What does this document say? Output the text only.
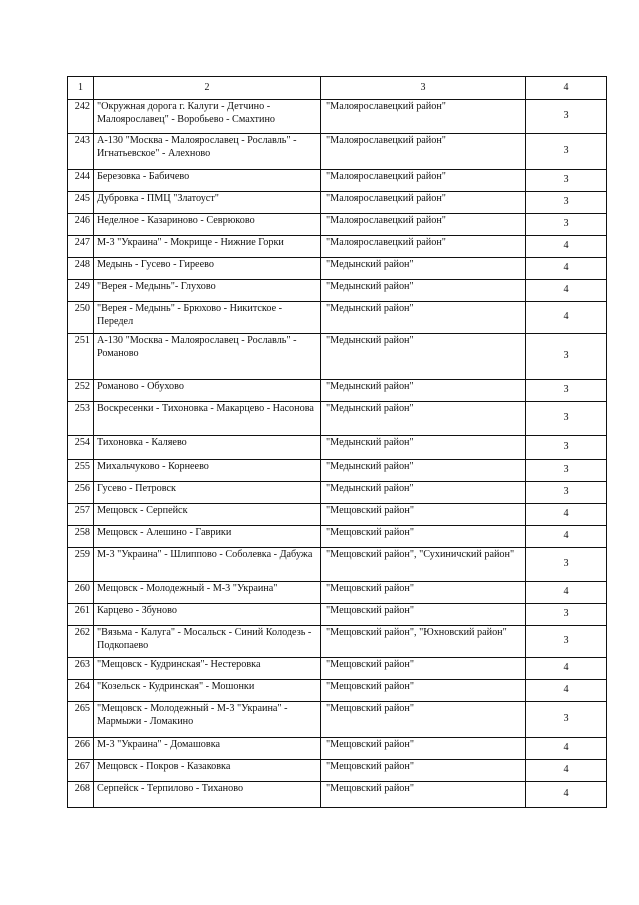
1	2	3	4
242	"Окружная дорога г. Калуги - Детчино - Малоярославец" - Воробьево - Смахтино	"Малоярославецкий район"	3
243	А-130 "Москва - Малоярославец - Рославль" - Игнатьевское" - Алехново	"Малоярославецкий район"	3
244	Березовка - Бабичево	"Малоярославецкий район"	3
245	Дубровка - ПМЦ "Златоуст"	"Малоярославецкий район"	3
246	Неделное - Казариново - Севрюково	"Малоярославецкий район"	3
247	М-3 "Украина" - Мокрище - Нижние Горки	"Малоярославецкий район"	4
248	Медынь - Гусево - Гиреево	"Медынский район"	4
249	"Верея - Медынь"- Глухово	"Медынский район"	4
250	"Верея - Медынь" - Брюхово - Никитское - Передел	"Медынский район"	4
251	А-130 "Москва - Малоярославец - Рославль" - Романово	"Медынский район"	3
252	Романово - Обухово	"Медынский район"	3
253	Воскресенки - Тихоновка - Макарцево - Насонова	"Медынский район"	3
254	Тихоновка - Каляево	"Медынский район"	3
255	Михальчуково - Корнеево	"Медынский район"	3
256	Гусево - Петровск	"Медынский район"	3
257	Мещовск - Серпейск	"Мещовский район"	4
258	Мещовск - Алешино - Гаврики	"Мещовский район"	4
259	М-3 "Украина" - Шлиппово - Соболевка - Дабужа	"Мещовский район", "Сухиничский район"	3
260	Мещовск - Молодежный - М-3 "Украина"	"Мещовский район"	4
261	Карцево - Збуново	"Мещовский район"	3
262	"Вязьма - Калуга" - Мосальск - Синий Колодезь - Подкопаево	"Мещовский район", "Юхновский район"	3
263	"Мещовск - Кудринская"- Нестеровка	"Мещовский район"	4
264	"Козельск - Кудринская" - Мошонки	"Мещовский район"	4
265	"Мещовск - Молодежный - М-3 "Украина" - Мармыжи - Ломакино	"Мещовский район"	3
266	М-3 "Украина" - Домашовка	"Мещовский район"	4
267	Мещовск - Покров - Казаковка	"Мещовский район"	4
268	Серпейск - Терпилово - Тиханово	"Мещовский район"	4
